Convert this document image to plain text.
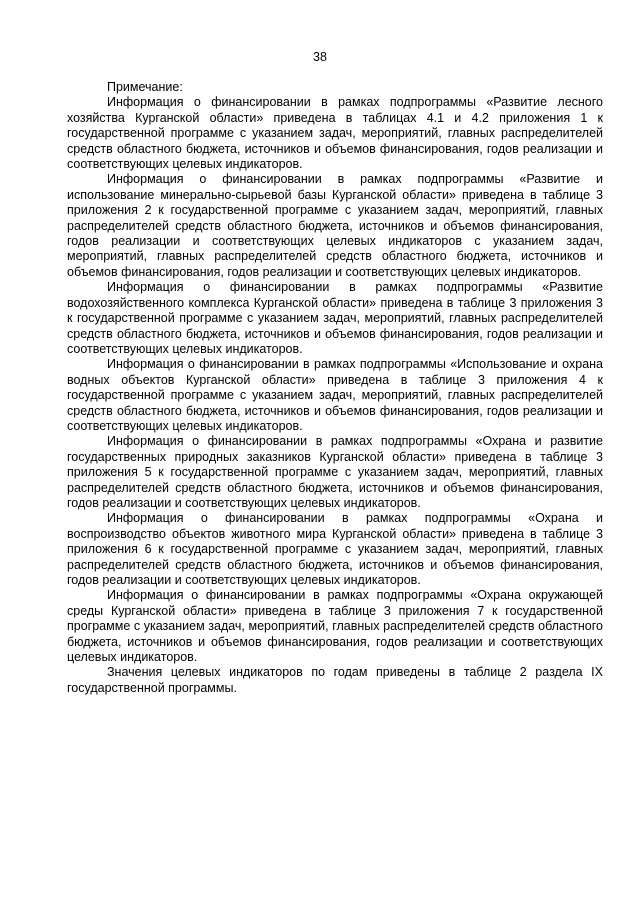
38

Примечание:

Информация о финансировании в рамках подпрограммы «Развитие лесного хозяйства Курганской области» приведена в таблицах 4.1 и 4.2 приложения 1 к государственной программе с указанием задач, мероприятий, главных распределителей средств областного бюджета, источников и объемов финансирования, годов реализации и соответствующих целевых индикаторов.

Информация о финансировании в рамках подпрограммы «Развитие и использование минерально-сырьевой базы Курганской области» приведена в таблице 3 приложения 2 к государственной программе с указанием задач, мероприятий, главных распределителей средств областного бюджета, источников и объемов финансирования, годов реализации и соответствующих целевых индикаторов с указанием задач, мероприятий, главных распределителей средств областного бюджета, источников и объемов финансирования, годов реализации и соответствующих целевых индикаторов.

Информация о финансировании в рамках подпрограммы «Развитие водохозяйственного комплекса Курганской области» приведена в таблице 3 приложения 3 к государственной программе с указанием задач, мероприятий, главных распределителей средств областного бюджета, источников и объемов финансирования, годов реализации и соответствующих целевых индикаторов.

Информация о финансировании в рамках подпрограммы «Использование и охрана водных объектов Курганской области» приведена в таблице 3 приложения 4 к государственной программе с указанием задач, мероприятий, главных распределителей средств областного бюджета, источников и объемов финансирования, годов реализации и соответствующих целевых индикаторов.

Информация о финансировании в рамках подпрограммы «Охрана и развитие государственных природных заказников Курганской области» приведена в таблице 3 приложения 5 к государственной программе с указанием задач, мероприятий, главных распределителей средств областного бюджета, источников и объемов финансирования, годов реализации и соответствующих целевых индикаторов.

Информация о финансировании в рамках подпрограммы «Охрана и воспроизводство объектов животного мира Курганской области» приведена в таблице 3 приложения 6 к государственной программе с указанием задач, мероприятий, главных распределителей средств областного бюджета, источников и объемов финансирования, годов реализации и соответствующих целевых индикаторов.

Информация о финансировании в рамках подпрограммы «Охрана окружающей среды Курганской области» приведена в таблице 3 приложения 7 к государственной программе с указанием задач, мероприятий, главных распределителей средств областного бюджета, источников и объемов финансирования, годов реализации и соответствующих целевых индикаторов.

Значения целевых индикаторов по годам приведены в таблице 2 раздела IX государственной программы.
